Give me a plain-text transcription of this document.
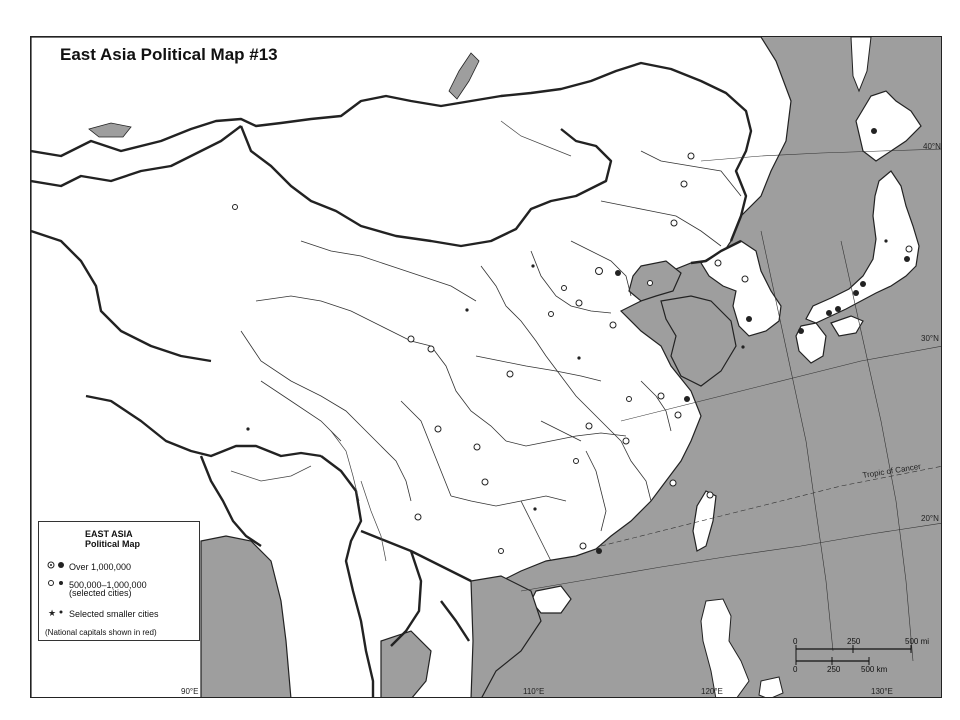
40°N
30°N
20°N
Tropic of Cancer
90°E	110°E	120°E	130°E
0	250	500 mi
0	250	500 km
East Asia Political Map #13
EAST ASIA
Political Map
Over 1,000,000
500,000–1,000,000
(selected cities)
★ Selected smaller cities
(National capitals shown in red)
